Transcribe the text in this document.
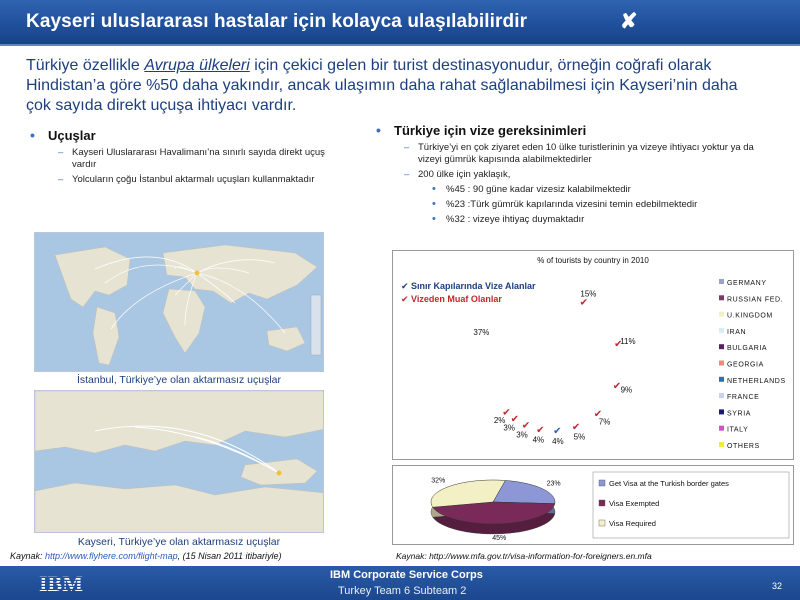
Kayseri uluslararası hastalar için kolayca ulaşılabilirdir	✘
Türkiye özellikle Avrupa ülkeleri için çekici gelen bir turist destinasyonudur, örneğin coğrafi olarak Hindistan’a göre %50 daha yakındır, ancak ulaşımın daha rahat sağlanabilmesi için Kayseri’nin daha çok sayıda direkt uçuşa ihtiyacı vardır.
• Uçuşlar
– Kayseri Uluslararası Havalimanı’na sınırlı sayıda direkt uçuş vardır
– Yolcuların çoğu İstanbul aktarmalı uçuşları kullanmaktadır
İstanbul, Türkiye’ye olan aktarmasız uçuşlar
Kayseri, Türkiye’ye olan aktarmasız uçuşlar
Kaynak: http://www.flyhere.com/flight-map, (15 Nisan 2011 itibariyle)
• Türkiye için vize gereksinimleri
– Türkiye’yi en çok ziyaret eden 10 ülke turistlerinin ya vizeye ihtiyacı yoktur ya da vizeyi gümrük kapısında alabilmektedirler
– 200 ülke için yaklaşık,
• %45 : 90 güne kadar vizesiz kalabilmektedir
• %23 :Türk gümrük kapılarında vizesini temin edebilmektedir
• %32 : vizeye ihtiyaç duymaktadır
% of tourists by country in 2010
Sınır Kapılarında Vize Alanlar
Vizeden Muaf Olanlar
✔
✔
15%
11%
9%
7%
5%
4%
4%
3%
3%
2%
37%
✔
✔
✔
✔
✔
✔
✔
✔
✔
✔
GERMANY
RUSSIAN FED.
U.KINGDOM
IRAN
BULGARIA
GEORGIA
NETHERLANDS
FRANCE
SYRIA
ITALY
OTHERS
23%
45%
32%	Get Visa at the Turkish border gates
Visa Exempted
Visa Required
Kaynak: http://www.mfa.gov.tr/visa-information-for-foreigners.en.mfa
IBM	IBM Corporate Service Corps
Turkey Team 6 Subteam 2	32
